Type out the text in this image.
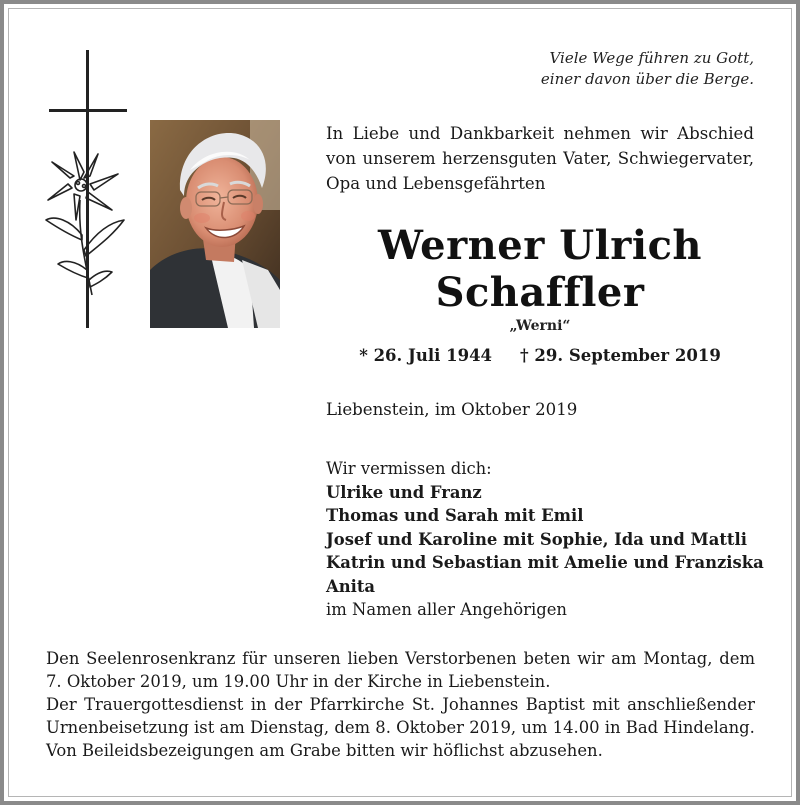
Viele Wege führen zu Gott,
einer davon über die Berge.
In Liebe und Dankbarkeit nehmen wir Abschied von unserem herzensguten Vater, Schwiegervater, Opa und Lebensgefährten
Werner Ulrich
Schaffler
„Werni“
* 26. Juli 1944 † 29. September 2019
Liebenstein, im Oktober 2019
Wir vermissen dich:
Ulrike und Franz
Thomas und Sarah mit Emil
Josef und Karoline mit Sophie, Ida und Mattli
Katrin und Sebastian mit Amelie und Franziska
Anita
im Namen aller Angehörigen

Den Seelenrosenkranz für unseren lieben Verstorbenen beten wir am Montag, dem 7. Oktober 2019, um 19.00 Uhr in der Kirche in Liebenstein.

Der Trauergottesdienst in der Pfarrkirche St. Johannes Baptist mit anschließender Urnenbeisetzung ist am Dienstag, dem 8. Oktober 2019, um 14.00 in Bad Hindelang.

Von Beileidsbezeigungen am Grabe bitten wir höflichst abzusehen.
